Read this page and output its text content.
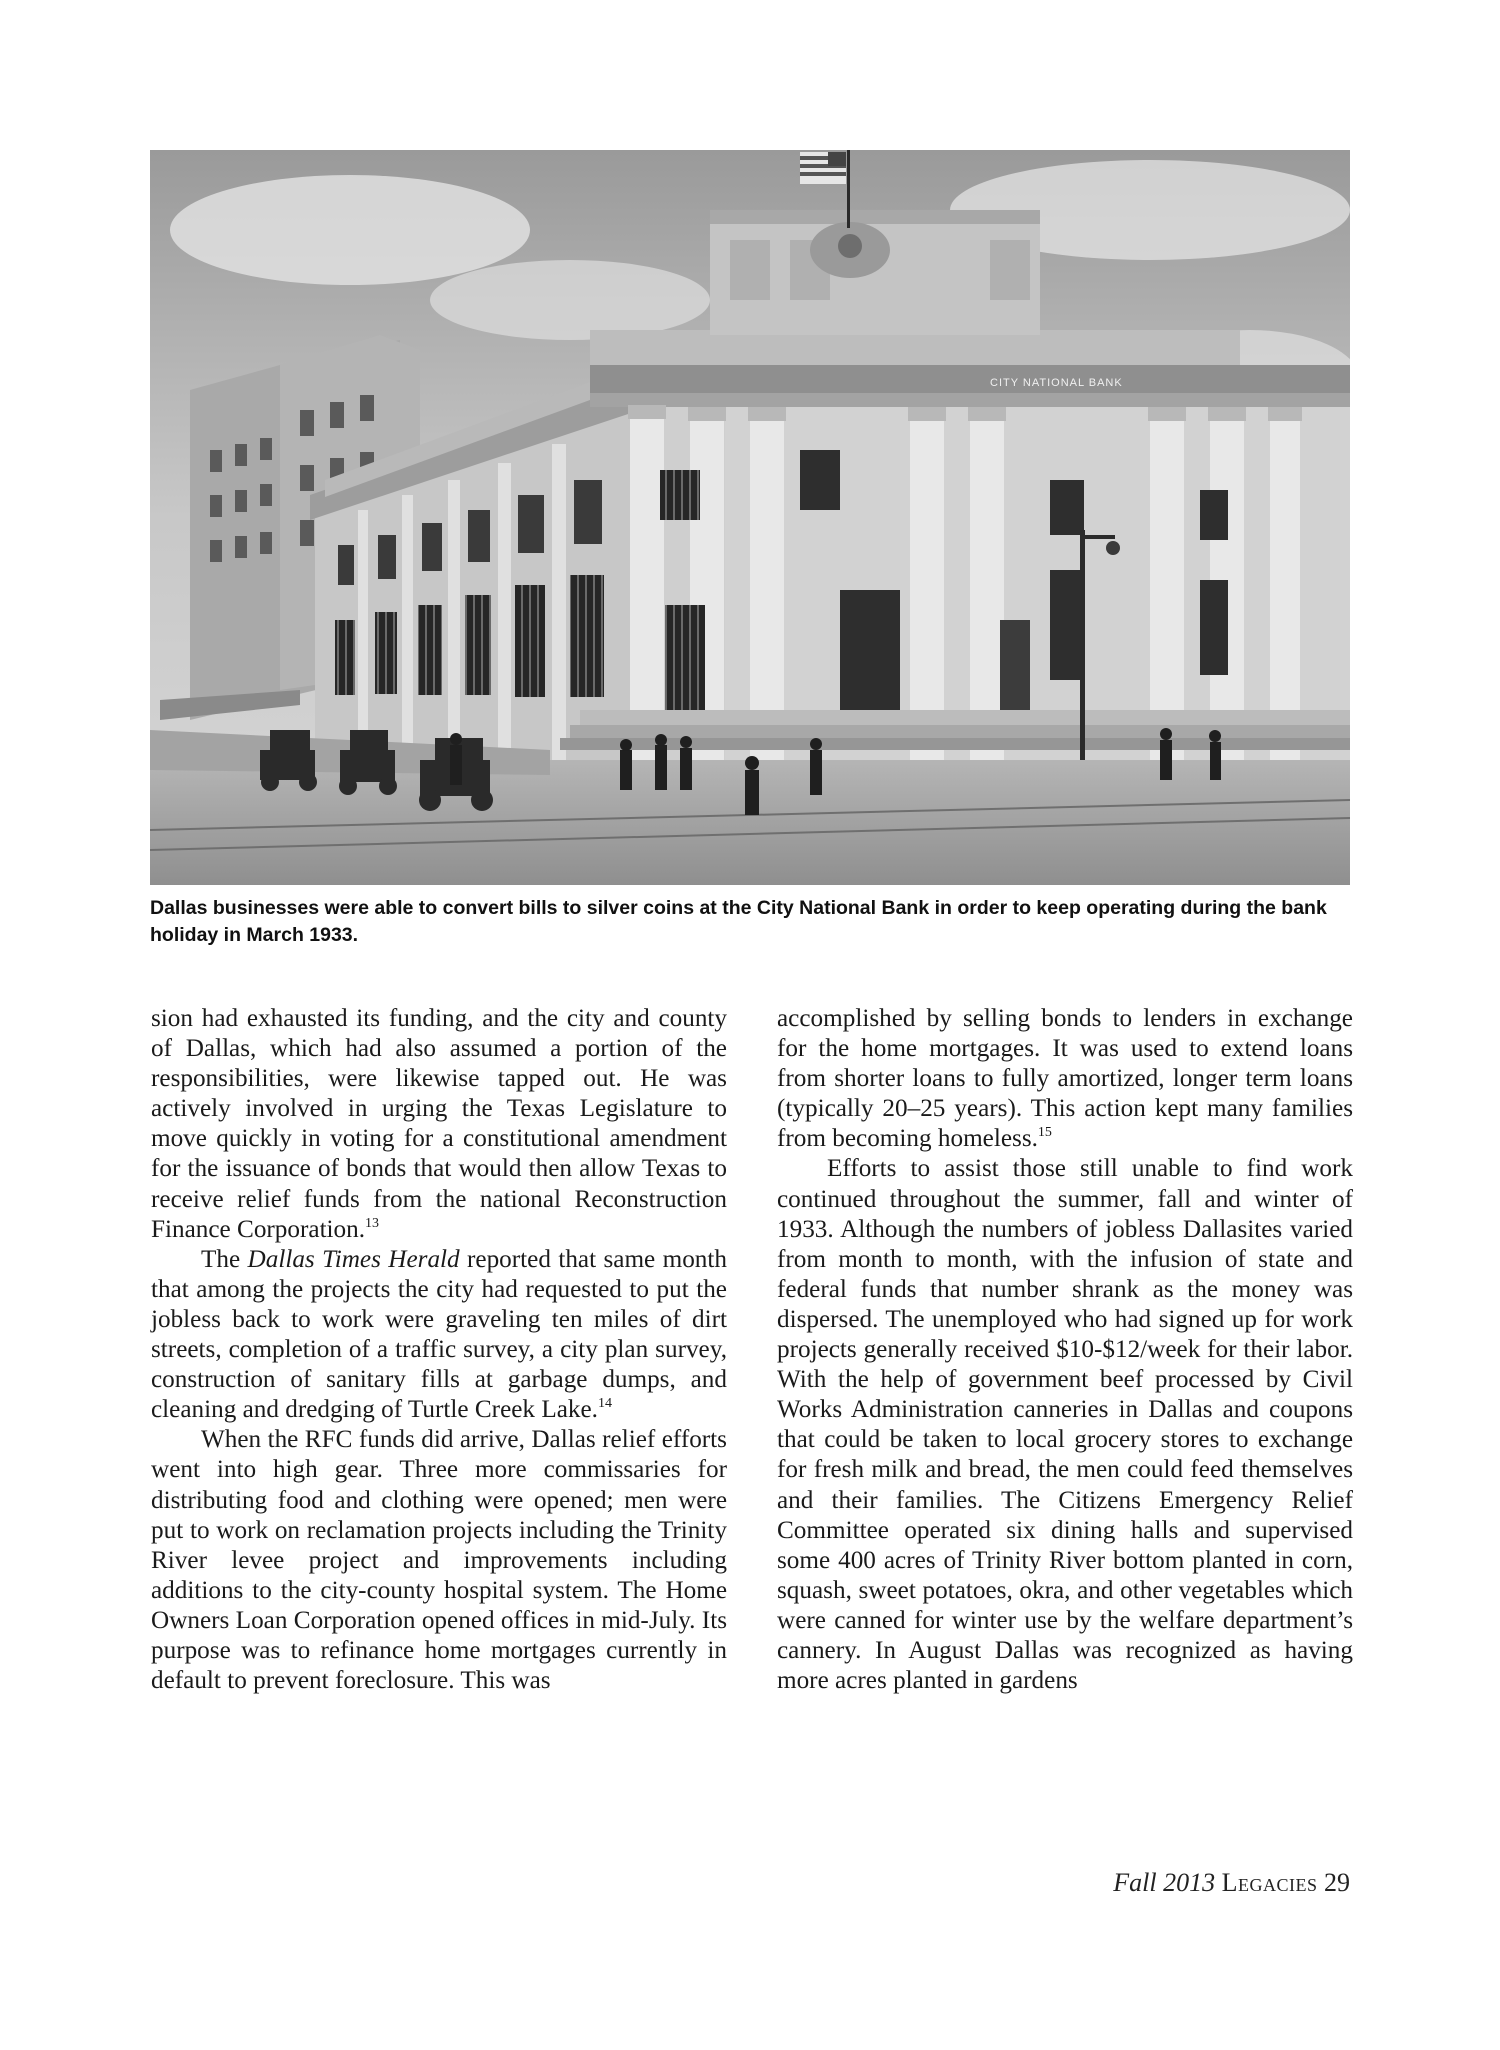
CITY NATIONAL BANK
Dallas businesses were able to convert bills to silver coins at the City National Bank in order to keep operating during the bank holiday in March 1933.

sion had exhausted its funding, and the city and county of Dallas, which had also assumed a portion of the responsibilities, were likewise tapped out. He was actively involved in urging the Texas Legislature to move quickly in voting for a constitutional amendment for the issuance of bonds that would then allow Texas to receive relief funds from the national Reconstruction Finance Corporation.$^{13}$

The Dallas Times Herald reported that same month that among the projects the city had requested to put the jobless back to work were graveling ten miles of dirt streets, completion of a traffic survey, a city plan survey, construction of sanitary fills at garbage dumps, and cleaning and dredging of Turtle Creek Lake.$^{14}$

When the RFC funds did arrive, Dallas relief efforts went into high gear. Three more commissaries for distributing food and clothing were opened; men were put to work on reclamation projects including the Trinity River levee project and improvements including additions to the city-county hospital system. The Home Owners Loan Corporation opened offices in mid-July. Its purpose was to refinance home mortgages currently in default to prevent foreclosure. This was

accomplished by selling bonds to lenders in exchange for the home mortgages. It was used to extend loans from shorter loans to fully amortized, longer term loans (typically 20–25 years). This action kept many families from becoming homeless.$^{15}$

Efforts to assist those still unable to find work continued throughout the summer, fall and winter of 1933. Although the numbers of jobless Dallasites varied from month to month, with the infusion of state and federal funds that number shrank as the money was dispersed. The unemployed who had signed up for work projects generally received $10-$12/week for their labor. With the help of government beef processed by Civil Works Administration canneries in Dallas and coupons that could be taken to local grocery stores to exchange for fresh milk and bread, the men could feed themselves and their families. The Citizens Emergency Relief Committee operated six dining halls and supervised some 400 acres of Trinity River bottom planted in corn, squash, sweet potatoes, okra, and other vegetables which were canned for winter use by the welfare department’s cannery. In August Dallas was recognized as having more acres planted in gardens

Fall 2013 Legacies 29
